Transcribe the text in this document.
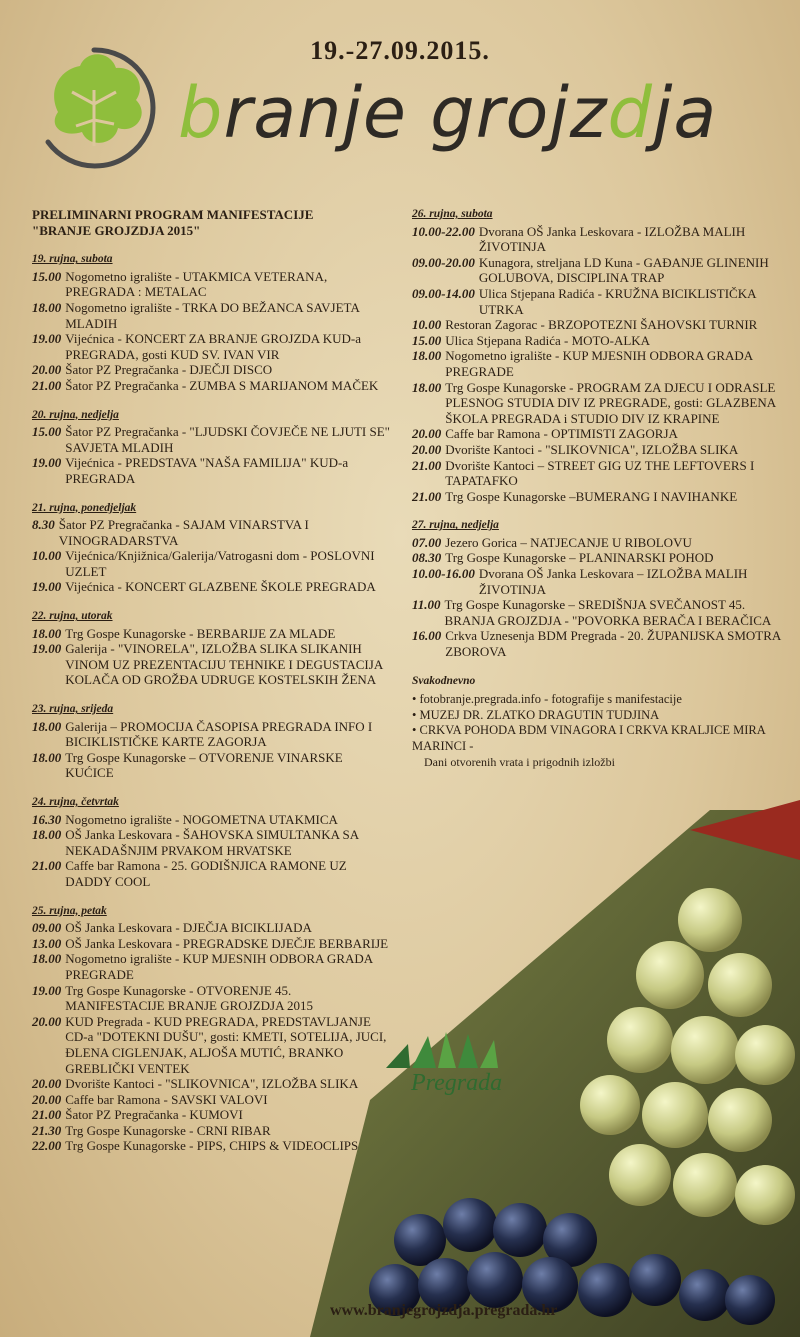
19.-27.09.2015.
branje grojzdja
PRELIMINARNI PROGRAM MANIFESTACIJE
"BRANJE GROJZDJA 2015"
19. rujna, subota
15.00 Nogometno igralište - UTAKMICA VETERANA, PREGRADA : METALAC
18.00 Nogometno igralište - TRKA DO BEŽANCA SAVJETA MLADIH
19.00 Vijećnica - KONCERT ZA BRANJE GROJZDA KUD-a PREGRADA, gosti KUD SV. IVAN VIR
20.00 Šator PZ Pregračanka - DJEČJI DISCO
21.00 Šator PZ Pregračanka - ZUMBA S MARIJANOM MAČEK
20. rujna, nedjelja
15.00 Šator PZ Pregračanka - "LJUDSKI ČOVJEČE NE LJUTI SE" SAVJETA MLADIH
19.00 Vijećnica - PREDSTAVA "NAŠA FAMILIJA" KUD-a PREGRADA
21. rujna, ponedjeljak
8.30 Šator PZ Pregračanka - SAJAM VINARSTVA I VINOGRADARSTVA
10.00 Vijećnica/Knjižnica/Galerija/Vatrogasni dom - POSLOVNI UZLET
19.00 Vijećnica - KONCERT GLAZBENE ŠKOLE PREGRADA
22. rujna, utorak
18.00 Trg Gospe Kunagorske - BERBARIJE ZA MLADE
19.00 Galerija - "VINORELA", IZLOŽBA SLIKA SLIKANIH VINOM UZ PREZENTACIJU TEHNIKE I DEGUSTACIJA KOLAČA OD GROŽĐA UDRUGE KOSTELSKIH ŽENA
23. rujna, srijeda
18.00 Galerija – PROMOCIJA ČASOPISA PREGRADA INFO I BICIKLISTIČKE KARTE ZAGORJA
18.00 Trg Gospe Kunagorske – OTVORENJE VINARSKE KUĆICE
24. rujna, četvrtak
16.30 Nogometno igralište - NOGOMETNA UTAKMICA
18.00 OŠ Janka Leskovara - ŠAHOVSKA SIMULTANKA SA NEKADAŠNJIM PRVAKOM HRVATSKE
21.00 Caffe bar Ramona - 25. GODIŠNJICA RAMONE UZ DADDY COOL
25. rujna, petak
09.00 OŠ Janka Leskovara - DJEČJA BICIKLIJADA
13.00 OŠ Janka Leskovara - PREGRADSKE DJEČJE BERBARIJE
18.00 Nogometno igralište - KUP MJESNIH ODBORA GRADA PREGRADE
19.00 Trg Gospe Kunagorske - OTVORENJE 45. MANIFESTACIJE BRANJE GROJZDJA 2015
20.00 KUD Pregrada - KUD PREGRADA, PREDSTAVLJANJE CD-a "DOTEKNI DUŠU", gosti: KMETI, SOTELIJA, JUCI, ĐLENA CIGLENJAK, ALJOŠA MUTIĆ, BRANKO GREBLIČKI VENTEK
20.00 Dvorište Kantoci - "SLIKOVNICA", IZLOŽBA SLIKA
20.00 Caffe bar Ramona - SAVSKI VALOVI
21.00 Šator PZ Pregračanka - KUMOVI
21.30 Trg Gospe Kunagorske - CRNI RIBAR
22.00 Trg Gospe Kunagorske - PIPS, CHIPS & VIDEOCLIPS
26. rujna, subota
10.00-22.00 Dvorana OŠ Janka Leskovara - IZLOŽBA MALIH ŽIVOTINJA
09.00-20.00 Kunagora, streljana LD Kuna - GAĐANJE GLINENIH GOLUBOVA, DISCIPLINA TRAP
09.00-14.00 Ulica Stjepana Radića - KRUŽNA BICIKLISTIČKA UTRKA
10.00 Restoran Zagorac - BRZOPOTEZNI ŠAHOVSKI TURNIR
15.00 Ulica Stjepana Radića - MOTO-ALKA
18.00 Nogometno igralište - KUP MJESNIH ODBORA GRADA PREGRADE
18.00 Trg Gospe Kunagorske - PROGRAM ZA DJECU I ODRASLE PLESNOG STUDIA DIV IZ PREGRADE, gosti: GLAZBENA ŠKOLA PREGRADA i STUDIO DIV IZ KRAPINE
20.00 Caffe bar Ramona - OPTIMISTI ZAGORJA
20.00 Dvorište Kantoci - "SLIKOVNICA", IZLOŽBA SLIKA
21.00 Dvorište Kantoci – STREET GIG UZ THE LEFTOVERS I TAPATAFKO
21.00 Trg Gospe Kunagorske –BUMERANG I NAVIHANKE
27. rujna, nedjelja
07.00 Jezero Gorica – NATJECANJE U RIBOLOVU
08.30 Trg Gospe Kunagorske – PLANINARSKI POHOD
10.00-16.00 Dvorana OŠ Janka Leskovara – IZLOŽBA MALIH ŽIVOTINJA
11.00 Trg Gospe Kunagorske – SREDIŠNJA SVEČANOST 45. BRANJA GROJZDJA - "POVORKA BERAČA I BERAČICA
16.00 Crkva Uznesenja BDM Pregrada - 20. ŽUPANIJSKA SMOTRA ZBOROVA
Svakodnevno
• fotobranje.pregrada.info - fotografije s manifestacije
• MUZEJ DR. ZLATKO DRAGUTIN TUDJINA
• CRKVA POHODA BDM VINAGORA I CRKVA KRALJICE MIRA MARINCI -
Dani otvorenih vrata i prigodnih izložbi
Pregrada
www.branjegrojzdja.pregrada.hr
